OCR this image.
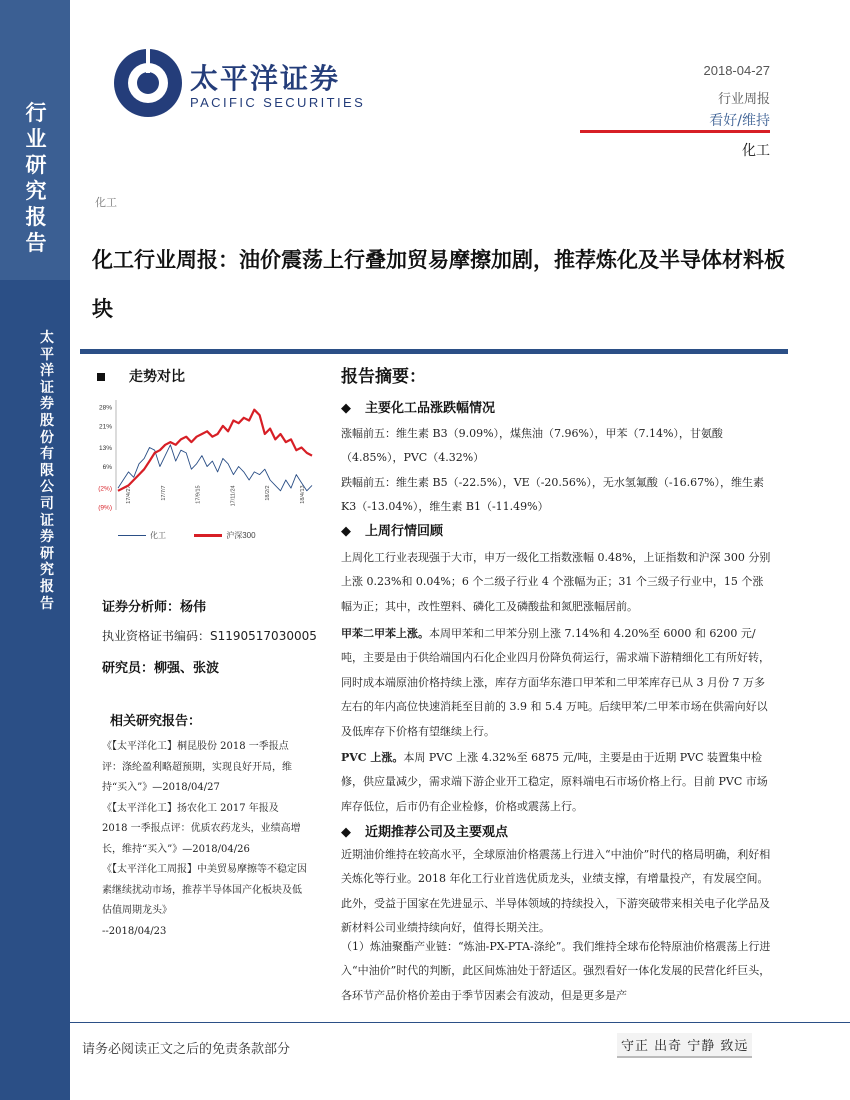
行业研究报告
太平洋证券股份有限公司证券研究报告
太平洋证券
PACIFIC SECURITIES
2018-04-27
行业周报
看好/维持
化工
化工
化工行业周报：油价震荡上行叠加贸易摩擦加剧，推荐炼化及半导体材料板块
走势对比
28%
21%
13%
6%
(2%)
(9%)
17/4/27	17/7/7	17/9/15	17/11/24	18/2/2	18/4/13
化工	沪深300
证券分析师：杨伟
执业资格证书编码：S1190517030005
研究员：柳强、张波
相关研究报告：

《【太平洋化工】桐昆股份 2018 一季报点评：涤纶盈利略超预期，实现良好开局，维持“买入”》—2018/04/27

《【太平洋化工】扬农化工 2017 年报及 2018 一季报点评：优质农药龙头，业绩高增长，维持“买入”》—2018/04/26

《【太平洋化工周报】中美贸易摩擦等不稳定因素继续扰动市场，推荐半导体国产化板块及低估值周期龙头》

--2018/04/23

报告摘要：
◆ 主要化工品涨跌幅情况

涨幅前五：维生素 B3（9.09%），煤焦油（7.96%），甲苯（7.14%），甘氨酸（4.85%），PVC（4.32%）

跌幅前五：维生素 B5（-22.5%），VE（-20.56%），无水氢氟酸（-16.67%），维生素 K3（-13.04%），维生素 B1（-11.49%）

◆ 上周行情回顾

上周化工行业表现强于大市，申万一级化工指数涨幅 0.48%，上证指数和沪深 300 分别上涨 0.23%和 0.04%；6 个二级子行业 4 个涨幅为正；31 个三级子行业中，15 个涨幅为正；其中，改性塑料、磷化工及磷酸盐和氮肥涨幅居前。

甲苯二甲苯上涨。本周甲苯和二甲苯分别上涨 7.14%和 4.20%至 6000 和 6200 元/吨，主要是由于供给端国内石化企业四月份降负荷运行，需求端下游精细化工有所好转，同时成本端原油价格持续上涨，库存方面华东港口甲苯和二甲苯库存已从 3 月份 7 万多左右的年内高位快速消耗至目前的 3.9 和 5.4 万吨。后续甲苯/二甲苯市场在供需向好以及低库存下价格有望继续上行。

PVC 上涨。本周 PVC 上涨 4.32%至 6875 元/吨，主要是由于近期 PVC 装置集中检修，供应量减少，需求端下游企业开工稳定，原料端电石市场价格上行。目前 PVC 市场库存低位，后市仍有企业检修，价格或震荡上行。

◆ 近期推荐公司及主要观点

近期油价维持在较高水平，全球原油价格震荡上行进入“中油价”时代的格局明确，利好相关炼化等行业。2018 年化工行业首选优质龙头，业绩支撑，有增量投产，有发展空间。此外，受益于国家在先进显示、半导体领域的持续投入，下游突破带来相关电子化学品及新材料公司业绩持续向好，值得长期关注。

（1）炼油聚酯产业链：“炼油-PX-PTA-涤纶”。我们维持全球布伦特原油价格震荡上行进入“中油价”时代的判断，此区间炼油处于舒适区。强烈看好一体化发展的民营化纤巨头，各环节产品价格价差由于季节因素会有波动，但是更多是产

请务必阅读正文之后的免责条款部分	守正 出奇 宁静 致远
